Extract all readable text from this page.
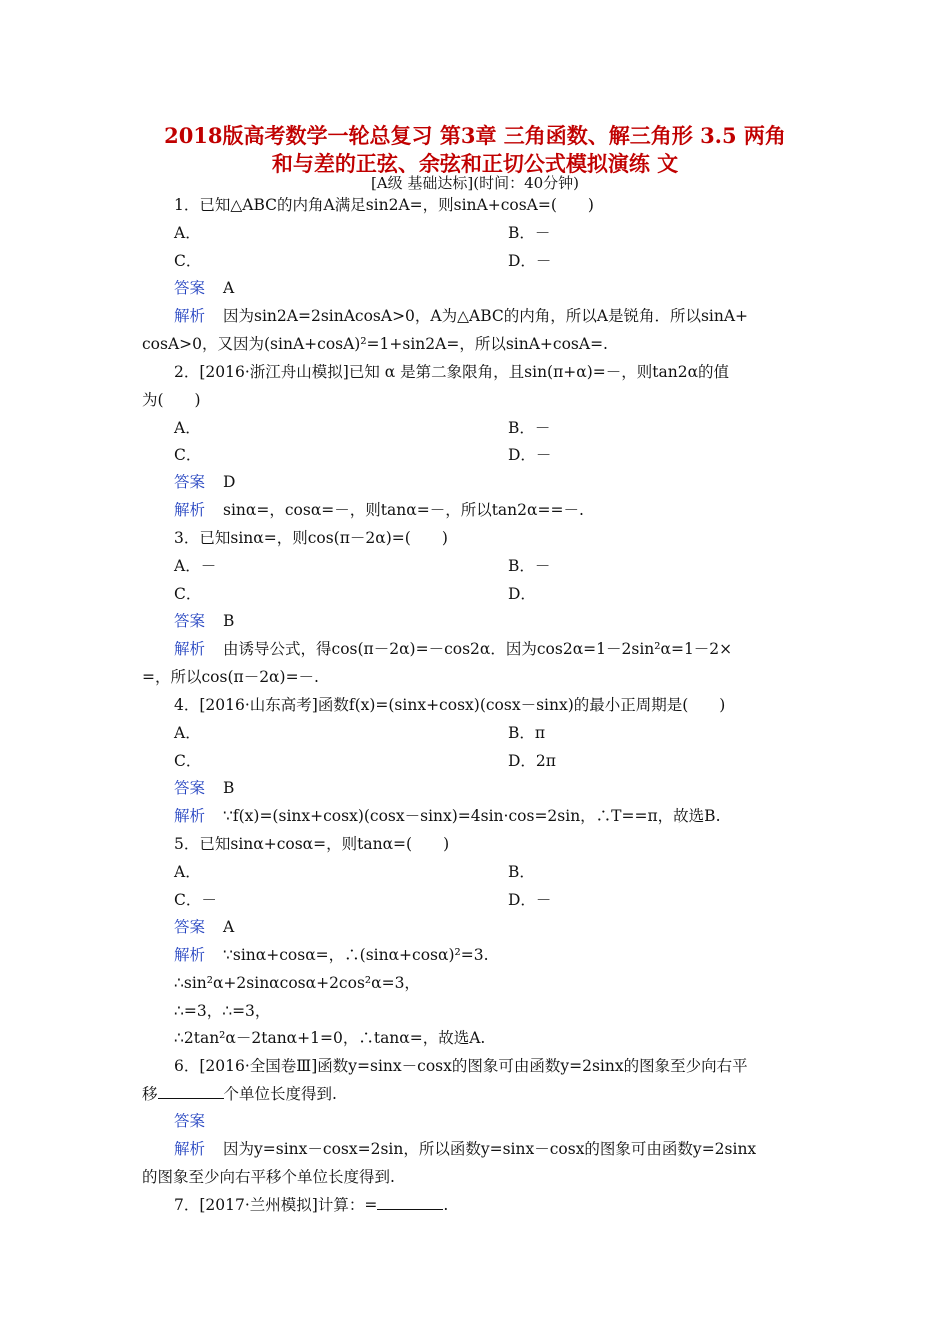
2018版高考数学一轮总复习 第3章 三角函数、解三角形 3.5 两角
和与差的正弦、余弦和正切公式模拟演练 文
[A级 基础达标](时间：40分钟)
1．已知△ABC的内角A满足sin2A=，则sinA+cosA=(　　)
A．	B．－
C．	D．－
答案 A
解析 因为sin2A=2sinAcosA>0，A为△ABC的内角，所以A是锐角．所以sinA+
cosA>0，又因为(sinA+cosA)²=1+sin2A=，所以sinA+cosA=.
2．[2016·浙江舟山模拟]已知 α 是第二象限角，且sin(π+α)=－，则tan2α的值
为(　　)
A．	B．－
C．	D．－
答案 D
解析 sinα=，cosα=－，则tanα=－，所以tan2α==－.
3．已知sinα=，则cos(π－2α)=(　　)
A．－	B．－
C．	D．
答案 B
解析 由诱导公式，得cos(π－2α)=－cos2α．因为cos2α=1－2sin²α=1－2×
=，所以cos(π－2α)=－.
4．[2016·山东高考]函数f(x)=(sinx+cosx)(cosx－sinx)的最小正周期是(　　)
A．	B．π
C．	D．2π
答案 B
解析 ∵f(x)=(sinx+cosx)(cosx－sinx)=4sin·cos=2sin，∴T==π，故选B.
5．已知sinα+cosα=，则tanα=(　　)
A．	B．
C．－	D．－
答案 A
解析 ∵sinα+cosα=，∴(sinα+cosα)²=3.
∴sin²α+2sinαcosα+2cos²α=3，
∴=3，∴=3，
∴2tan²α－2tanα+1=0，∴tanα=，故选A.
6．[2016·全国卷Ⅲ]函数y=sinx－cosx的图象可由函数y=2sinx的图象至少向右平
移	个单位长度得到.
答案
解析 因为y=sinx－cosx=2sin，所以函数y=sinx－cosx的图象可由函数y=2sinx
的图象至少向右平移个单位长度得到.
7．[2017·兰州模拟]计算：=	.
